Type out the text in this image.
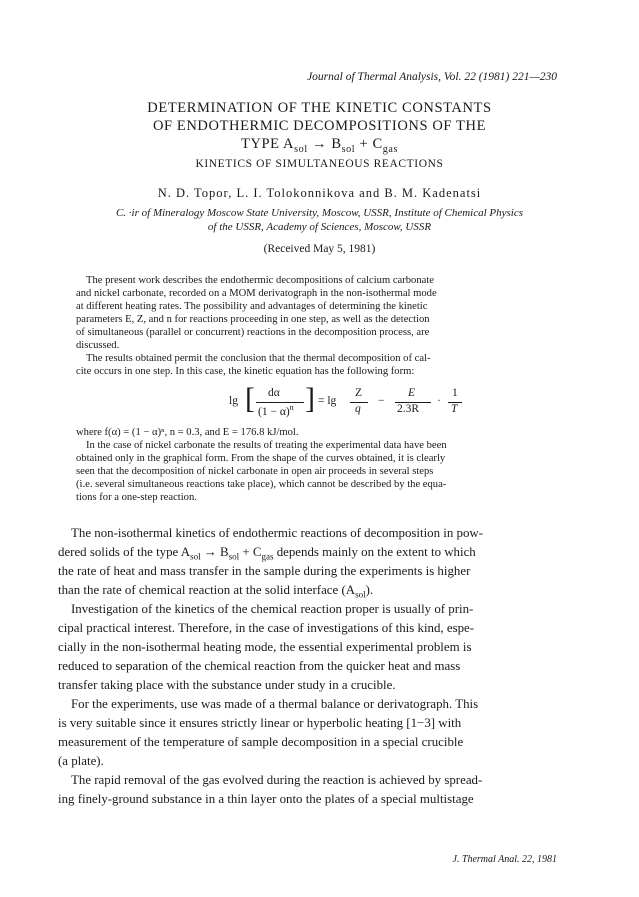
Journal of Thermal Analysis, Vol. 22 (1981) 221—230
DETERMINATION OF THE KINETIC CONSTANTS
OF ENDOTHERMIC DECOMPOSITIONS OF THE
TYPE $A_{sol} \to B_{sol} + C_{gas}$
KINETICS OF SIMULTANEOUS REACTIONS
N. D. Topor, L. I. Tolokonnikova and B. M. Kadenatsi
C. ·ir of Mineralogy Moscow State University, Moscow, USSR, Institute of Chemical Physics
of the USSR, Academy of Sciences, Moscow, USSR
(Received May 5, 1981)
The present work describes the endothermic decompositions of calcium carbonate
and nickel carbonate, recorded on a MOM derivatograph in the non-isothermal mode
at different heating rates. The possibility and advantages of determining the kinetic
parameters E, Z, and n for reactions proceeding in one step, as well as the detection
of simultaneous (parallel or concurrent) reactions in the decomposition process, are
discussed.
The results obtained permit the conclusion that the thermal decomposition of cal-
cite occurs in one step. In this case, the kinetic equation has the following form:
lg [ dα
$(1 - \alpha)^n$ ] = lg
Z
q
−
E
2.3R
·
1
T
where f(α) = (1 − α)ⁿ, n = 0.3, and E = 176.8 kJ/mol.
In the case of nickel carbonate the results of treating the experimental data have been
obtained only in the graphical form. From the shape of the curves obtained, it is clearly
seen that the decomposition of nickel carbonate in open air proceeds in several steps
(i.e. several simultaneous reactions take place), which cannot be described by the equa-
tions for a one-step reaction.
The non-isothermal kinetics of endothermic reactions of decomposition in pow-
dered solids of the type $A_{sol} \to B_{sol} + C_{gas}$ depends mainly on the extent to which
the rate of heat and mass transfer in the sample during the experiments is higher
than the rate of chemical reaction at the solid interface $(A_{sol})$.
Investigation of the kinetics of the chemical reaction proper is usually of prin-
cipal practical interest. Therefore, in the case of investigations of this kind, espe-
cially in the non-isothermal heating mode, the essential experimental problem is
reduced to separation of the chemical reaction from the quicker heat and mass
transfer taking place with the substance under study in a crucible.
For the experiments, use was made of a thermal balance or derivatograph. This
is very suitable since it ensures strictly linear or hyperbolic heating [1−3] with
measurement of the temperature of sample decomposition in a special crucible
(a plate).
The rapid removal of the gas evolved during the reaction is achieved by spread-
ing finely-ground substance in a thin layer onto the plates of a special multistage
J. Thermal Anal. 22, 1981
